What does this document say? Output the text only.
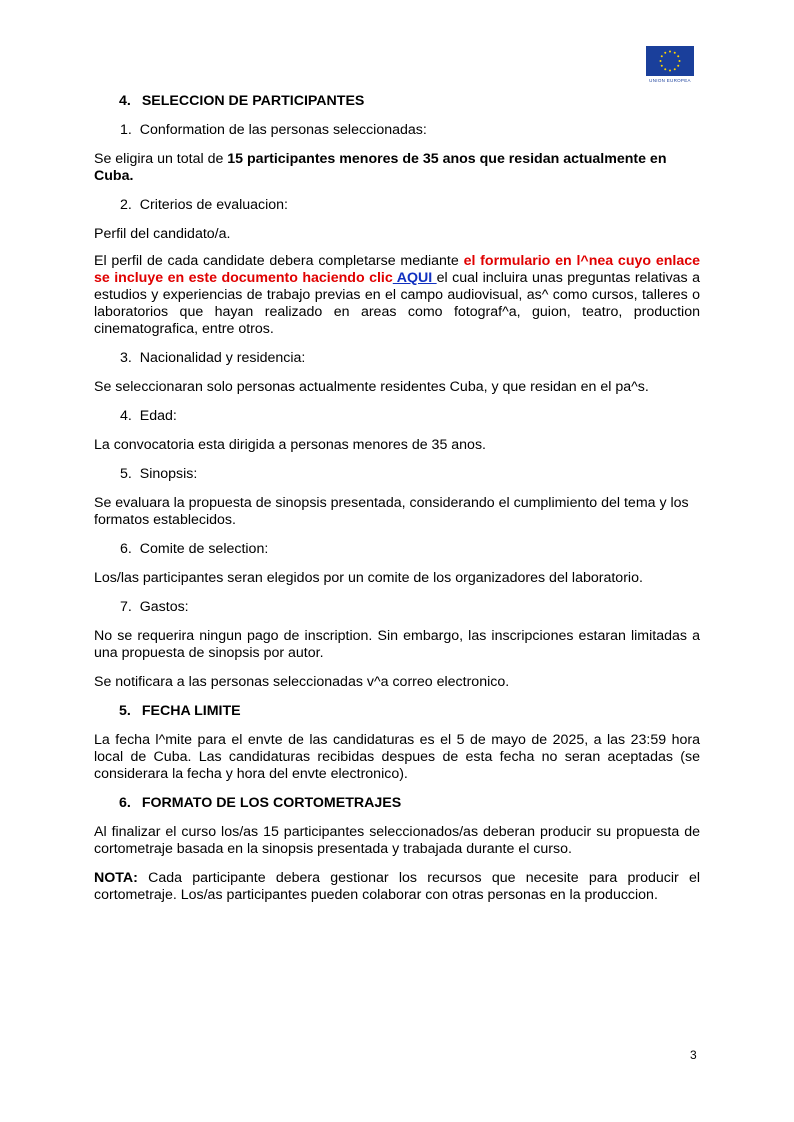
UNION EUROPEA

4. SELECCION DE PARTICIPANTES

1. Conformation de las personas seleccionadas:

Se eligira un total de 15 participantes menores de 35 anos que residan actualmente en Cuba.

2. Criterios de evaluacion:

Perfil del candidato/a.

El perfil de cada candidate debera completarse mediante el formulario en l^nea cuyo enlace se incluye en este documento haciendo clic AQUI el cual incluira unas preguntas relativas a estudios y experiencias de trabajo previas en el campo audiovisual, as^ como cursos, talleres o laboratorios que hayan realizado en areas como fotograf^a, guion, teatro, production cinematografica, entre otros.

3. Nacionalidad y residencia:

Se seleccionaran solo personas actualmente residentes Cuba, y que residan en el pa^s.

4. Edad:

La convocatoria esta dirigida a personas menores de 35 anos.

5. Sinopsis:

Se evaluara la propuesta de sinopsis presentada, considerando el cumplimiento del tema y los formatos establecidos.

6. Comite de selection:

Los/las participantes seran elegidos por un comite de los organizadores del laboratorio.

7. Gastos:

No se requerira ningun pago de inscription. Sin embargo, las inscripciones estaran limitadas a una propuesta de sinopsis por autor.

Se notificara a las personas seleccionadas v^a correo electronico.

5. FECHA LIMITE

La fecha l^mite para el envte de las candidaturas es el 5 de mayo de 2025, a las 23:59 hora local de Cuba. Las candidaturas recibidas despues de esta fecha no seran aceptadas (se considerara la fecha y hora del envte electronico).

6. FORMATO DE LOS CORTOMETRAJES

Al finalizar el curso los/as 15 participantes seleccionados/as deberan producir su propuesta de cortometraje basada en la sinopsis presentada y trabajada durante el curso.

NOTA: Cada participante debera gestionar los recursos que necesite para producir el cortometraje. Los/as participantes pueden colaborar con otras personas en la produccion.

3
